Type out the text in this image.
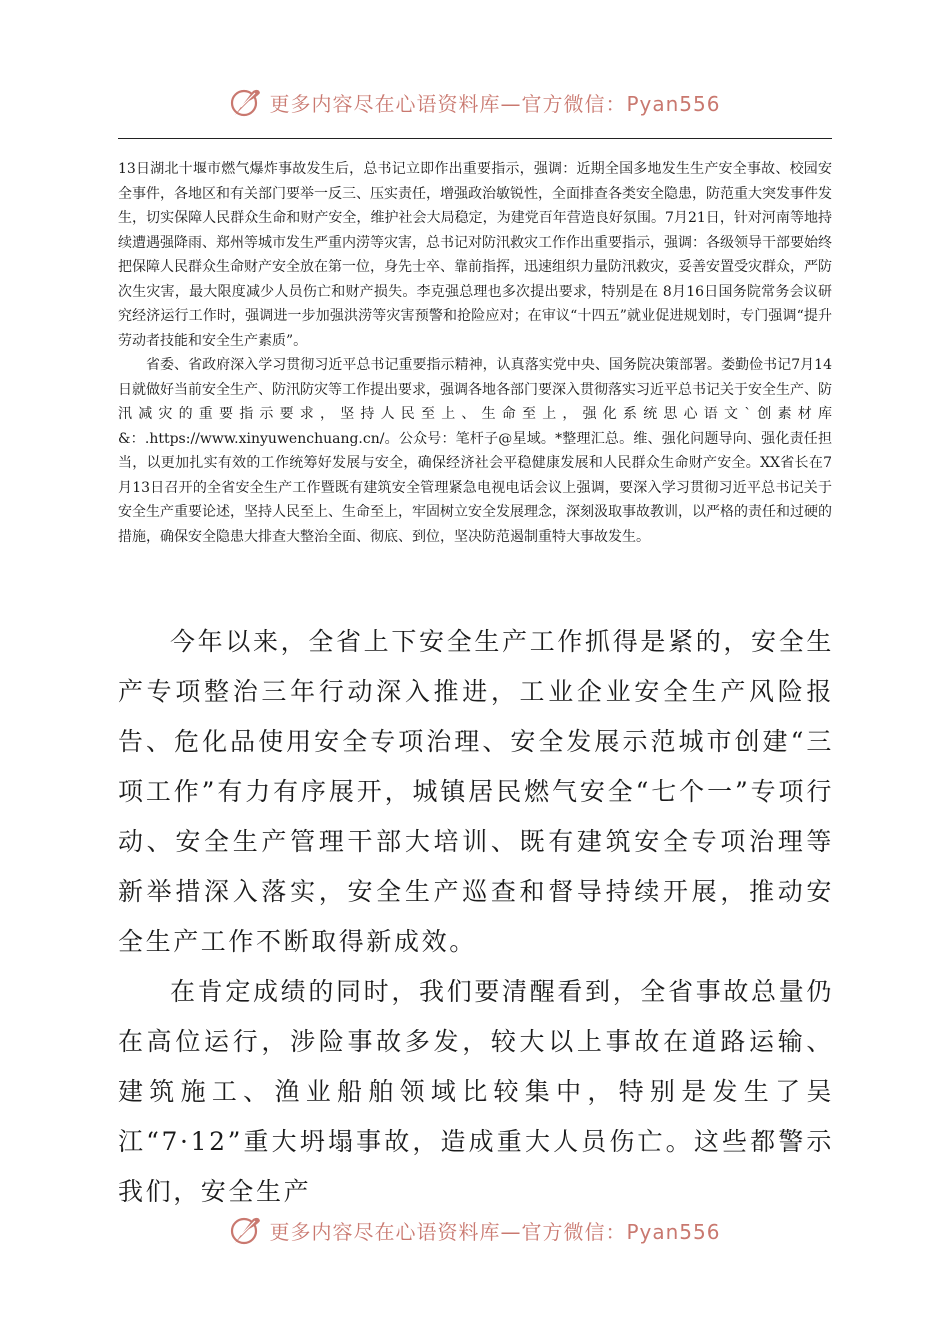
更多内容尽在心语资料库—官方微信：Pyan556

13日湖北十堰市燃气爆炸事故发生后，总书记立即作出重要指示，强调：近期全国多地发生生产安全事故、校园安全事件，各地区和有关部门要举一反三、压实责任，增强政治敏锐性，全面排查各类安全隐患，防范重大突发事件发生，切实保障人民群众生命和财产安全，维护社会大局稳定，为建党百年营造良好氛围。7月21日，针对河南等地持续遭遇强降雨、郑州等城市发生严重内涝等灾害，总书记对防汛救灾工作作出重要指示，强调：各级领导干部要始终把保障人民群众生命财产安全放在第一位，身先士卒、靠前指挥，迅速组织力量防汛救灾，妥善安置受灾群众，严防次生灾害，最大限度减少人员伤亡和财产损失。李克强总理也多次提出要求，特别是在 8月16日国务院常务会议研究经济运行工作时，强调进一步加强洪涝等灾害预警和抢险应对；在审议“十四五”就业促进规划时，专门强调“提升劳动者技能和安全生产素质”。

省委、省政府深入学习贯彻习近平总书记重要指示精神，认真落实党中央、国务院决策部署。娄勤俭书记7月14日就做好当前安全生产、防汛防灾等工作提出要求，强调各地各部门要深入贯彻落实习近平总书记关于安全生产、防汛减灾的重要指示要求，坚持人民至上、生命至上，强化系统思心语文`创素材库&：.https://www.xinyuwenchuang.cn/。公众号：笔杆子@星域。*整理汇总。维、强化问题导向、强化责任担当，以更加扎实有效的工作统筹好发展与安全，确保经济社会平稳健康发展和人民群众生命财产安全。XX省长在7月13日召开的全省安全生产工作暨既有建筑安全管理紧急电视电话会议上强调，要深入学习贯彻习近平总书记关于安全生产重要论述，坚持人民至上、生命至上，牢固树立安全发展理念，深刻汲取事故教训，以严格的责任和过硬的措施，确保安全隐患大排查大整治全面、彻底、到位，坚决防范遏制重特大事故发生。

今年以来，全省上下安全生产工作抓得是紧的，安全生产专项整治三年行动深入推进，工业企业安全生产风险报告、危化品使用安全专项治理、安全发展示范城市创建“三项工作”有力有序展开，城镇居民燃气安全“七个一”专项行动、安全生产管理干部大培训、既有建筑安全专项治理等新举措深入落实，安全生产巡查和督导持续开展，推动安全生产工作不断取得新成效。

在肯定成绩的同时，我们要清醒看到，全省事故总量仍在高位运行，涉险事故多发，较大以上事故在道路运输、建筑施工、渔业船舶领域比较集中，特别是发生了吴江“7·12”重大坍塌事故，造成重大人员伤亡。这些都警示我们，安全生产

更多内容尽在心语资料库—官方微信：Pyan556
